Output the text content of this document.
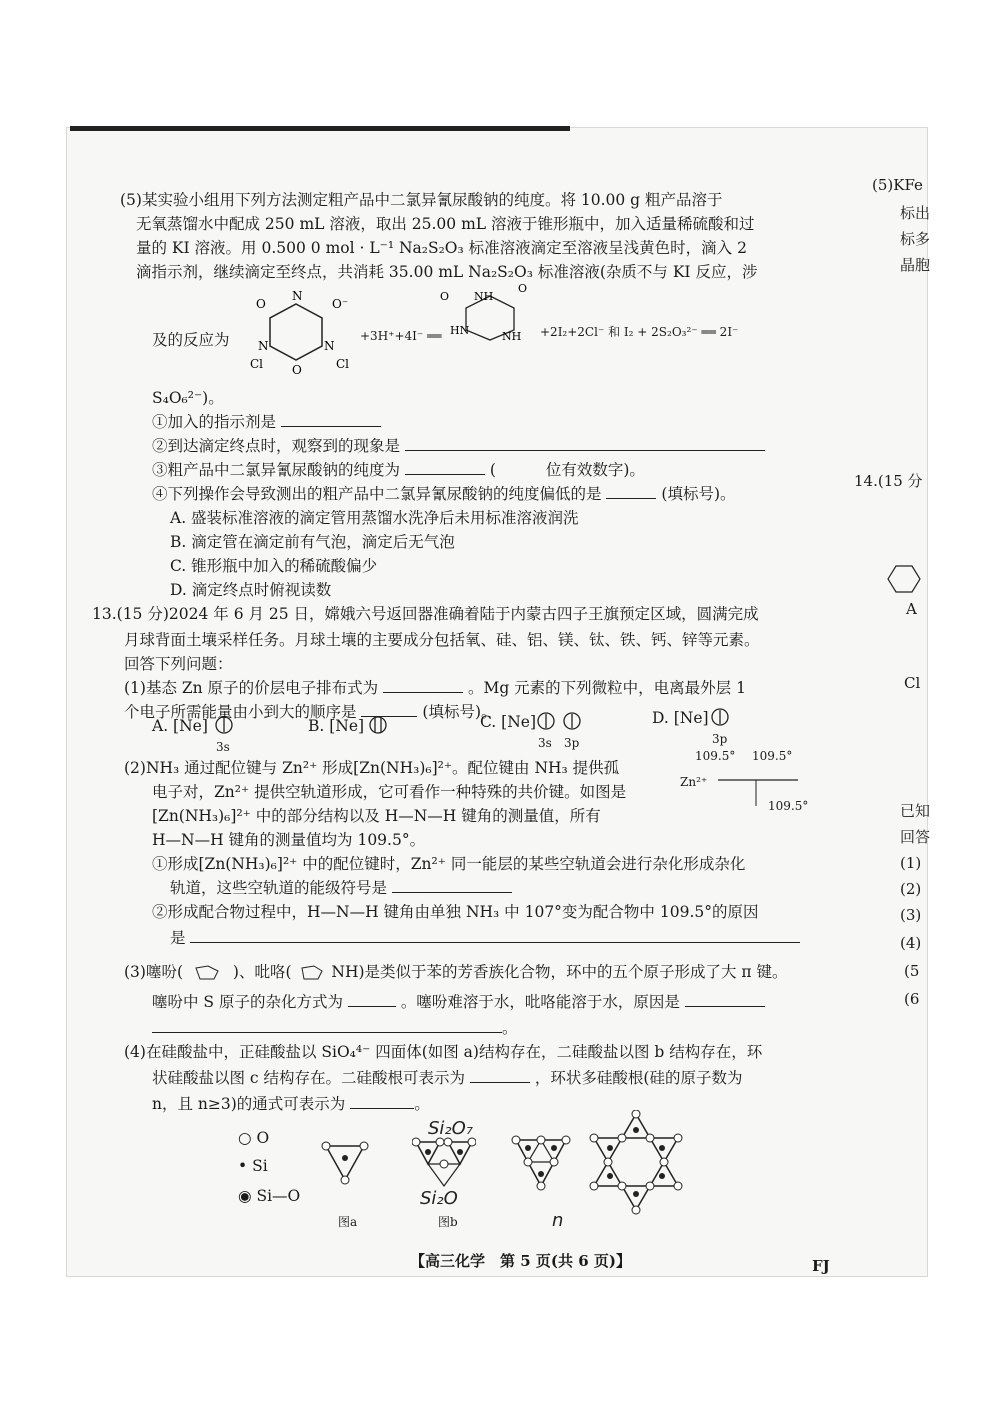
(5)某实验小组用下列方法测定粗产品中二氯异氰尿酸钠的纯度。将 10.00 g 粗产品溶于
无氧蒸馏水中配成 250 mL 溶液，取出 25.00 mL 溶液于锥形瓶中，加入适量稀硫酸和过
量的 KI 溶液。用 0.500 0 mol · L⁻¹ Na₂S₂O₃ 标准溶液滴定至溶液呈浅黄色时，滴入 2
滴指示剂，继续滴定至终点，共消耗 35.00 mL Na₂S₂O₃ 标准溶液(杂质不与 KI 反应，涉
及的反应为
O	O⁻
N
N	N
Cl	Cl
O
+3H⁺+4I⁻ ══
O NH
O
HN	NH +2I₂+2Cl⁻ 和 I₂ + 2S₂O₃²⁻ ══ 2I⁻
S₄O₆²⁻)。
①加入的指示剂是
②到达滴定终点时，观察到的现象是
③粗产品中二氯异氰尿酸钠的纯度为	(	位有效数字)。
④下列操作会导致测出的粗产品中二氯异氰尿酸钠的纯度偏低的是	(填标号)。
A. 盛装标准溶液的滴定管用蒸馏水洗净后未用标准溶液润洗
B. 滴定管在滴定前有气泡，滴定后无气泡
C. 锥形瓶中加入的稀硫酸偏少
D. 滴定终点时俯视读数
13.(15 分)2024 年 6 月 25 日，嫦娥六号返回器准确着陆于内蒙古四子王旗预定区域，圆满完成
月球背面土壤采样任务。月球土壤的主要成分包括氧、硅、铝、镁、钛、铁、钙、锌等元素。
回答下列问题：
(1)基态 Zn 原子的价层电子排布式为	。Mg 元素的下列微粒中，电离最外层 1
个电子所需能量由小到大的顺序是	(填标号)。
A. [Ne]
3s
B. [Ne]	C. [Ne]
3s 3p
D. [Ne]
3p
(2)NH₃ 通过配位键与 Zn²⁺ 形成[Zn(NH₃)₆]²⁺。配位键由 NH₃ 提供孤
电子对，Zn²⁺ 提供空轨道形成，它可看作一种特殊的共价键。如图是
[Zn(NH₃)₆]²⁺ 中的部分结构以及 H—N—H 键角的测量值，所有
H—N—H 键角的测量值均为 109.5°。
109.5° 109.5°
Zn²⁺
109.5°
①形成[Zn(NH₃)₆]²⁺ 中的配位键时，Zn²⁺ 同一能层的某些空轨道会进行杂化形成杂化
轨道，这些空轨道的能级符号是
②形成配合物过程中，H—N—H 键角由单独 NH₃ 中 107°变为配合物中 109.5°的原因
是
(3)噻吩(	)、吡咯(	NH)是类似于苯的芳香族化合物，环中的五个原子形成了大 π 键。
噻吩中 S 原子的杂化方式为	。噻吩难溶于水，吡咯能溶于水，原因是
。
(4)在硅酸盐中，正硅酸盐以 SiO₄⁴⁻ 四面体(如图 a)结构存在，二硅酸盐以图 b 结构存在，环
状硅酸盐以图 c 结构存在。二硅酸根可表示为	，环状多硅酸根(硅的原子数为
n，且 n≥3)的通式可表示为	。
○ O
• Si
◉ Si—O
图a	图b
Si₂O₇
Si₂O
n
(5)KFe
标出
标多
晶胞
14.(15 分
A
Cl
已知
回答
(1)
(2)
(3)
(4)
(5
(6
【高三化学　第 5 页(共 6 页)】	FJ
